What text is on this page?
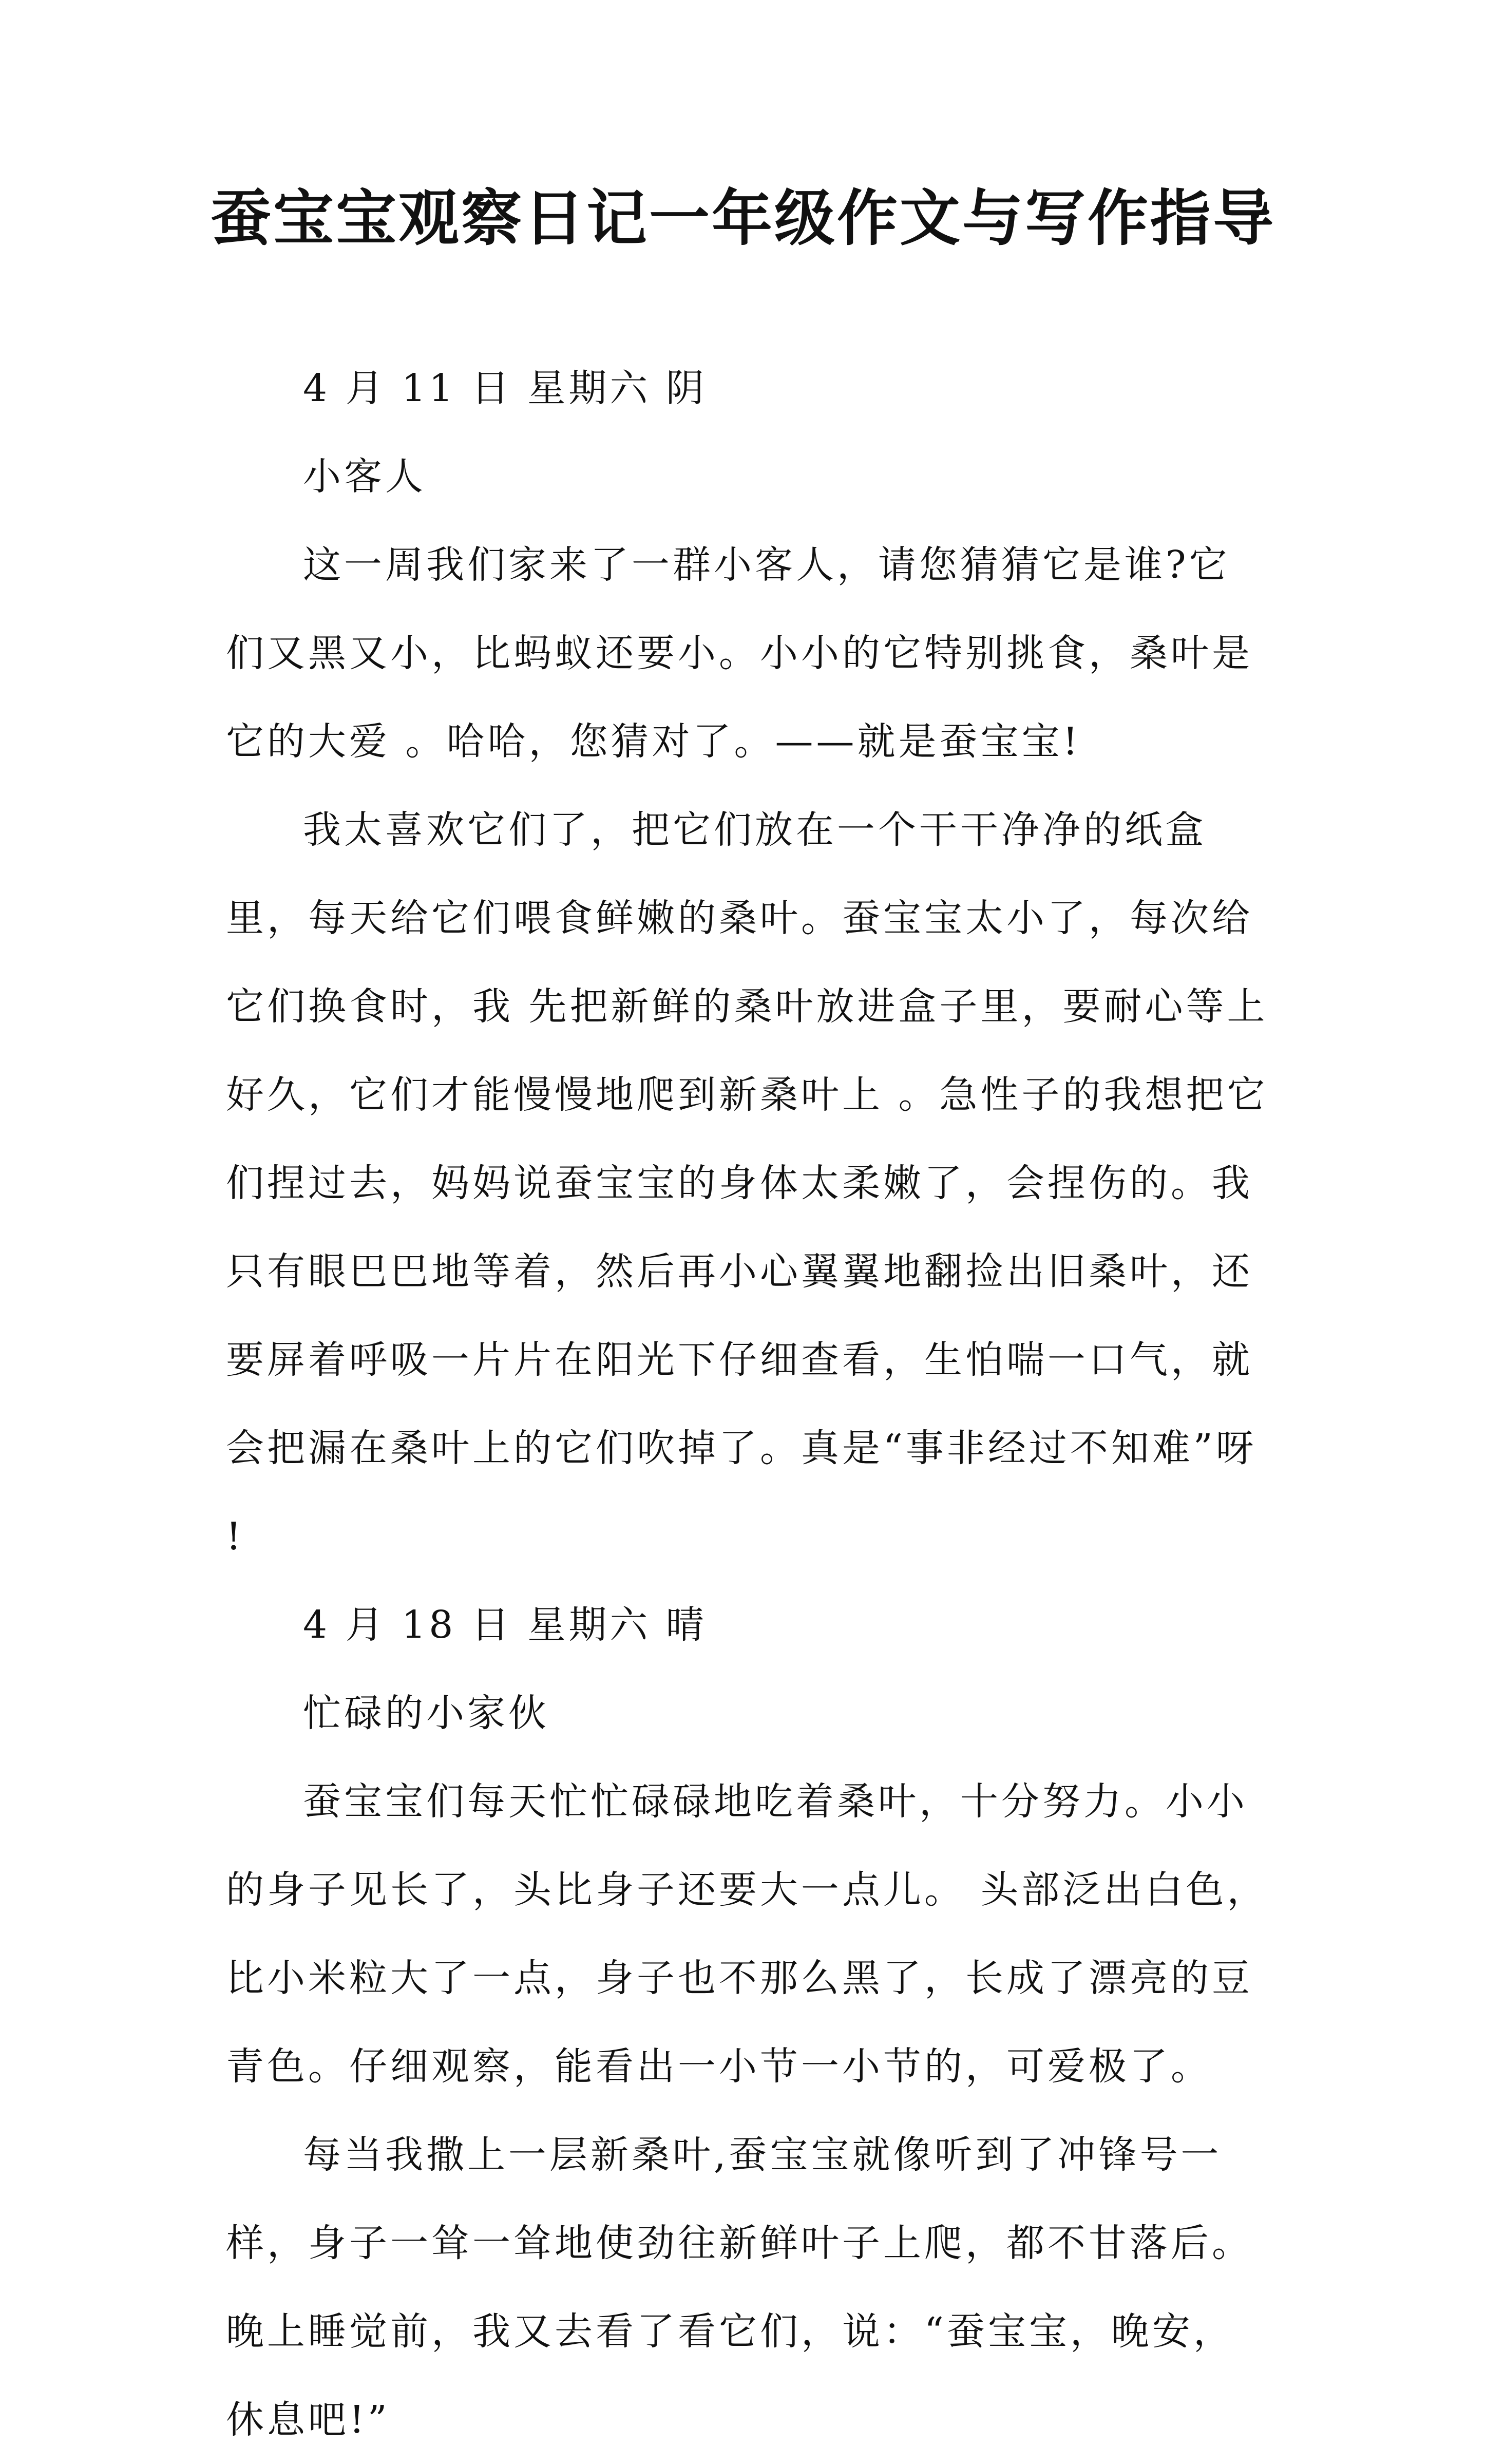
蚕宝宝观察日记一年级作文与写作指导

4 月 11 日 星期六 阴

小客人

这一周我们家来了一群小客人，请您猜猜它是谁?它们又黑又小，比蚂蚁还要小。小小的它特别挑食，桑叶是它的大爱 。哈哈，您猜对了。——就是蚕宝宝!

我太喜欢它们了，把它们放在一个干干净净的纸盒里，每天给它们喂食鲜嫩的桑叶。蚕宝宝太小了，每次给它们换食时，我 先把新鲜的桑叶放进盒子里，要耐心等上好久，它们才能慢慢地爬到新桑叶上 。急性子的我想把它们捏过去，妈妈说蚕宝宝的身体太柔嫩了，会捏伤的。我只有眼巴巴地等着，然后再小心翼翼地翻捡出旧桑叶，还要屏着呼吸一片片在阳光下仔细查看，生怕喘一口气，就会把漏在桑叶上的它们吹掉了。真是“事非经过不知难”呀 !

4 月 18 日 星期六 晴

忙碌的小家伙

蚕宝宝们每天忙忙碌碌地吃着桑叶，十分努力。小小的身子见长了，头比身子还要大一点儿。 头部泛出白色，比小米粒大了一点，身子也不那么黑了，长成了漂亮的豆青色。仔细观察，能看出一小节一小节的，可爱极了。

每当我撒上一层新桑叶,蚕宝宝就像听到了冲锋号一样，身子一耸一耸地使劲往新鲜叶子上爬，都不甘落后。晚上睡觉前，我又去看了看它们，说：“蚕宝宝，晚安，休息吧!”
